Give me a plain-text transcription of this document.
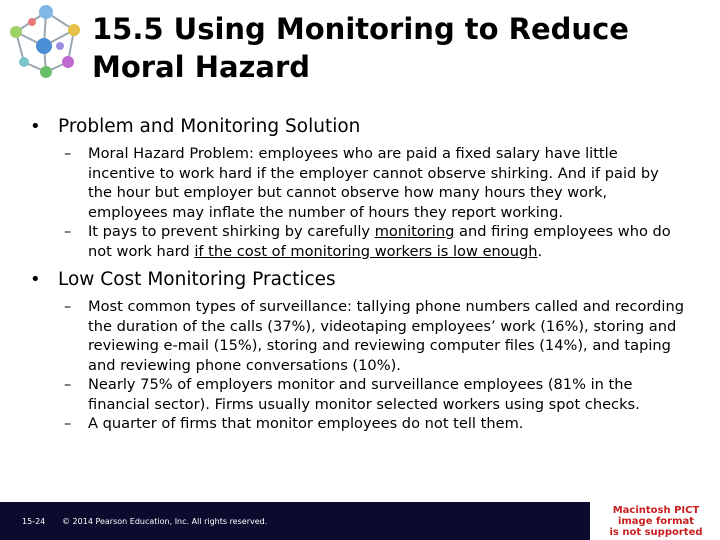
15.5 Using Monitoring to Reduce
Moral Hazard

• Problem and Monitoring Solution

– Moral Hazard Problem: employees who are paid a fixed salary have little incentive to work hard if the employer cannot observe shirking. And if paid by the hour but employer but cannot observe how many hours they work, employees may inflate the number of hours they report working.
– It pays to prevent shirking by carefully monitoring and firing employees who do not work hard if the cost of monitoring workers is low enough.

• Low Cost Monitoring Practices

– Most common types of surveillance: tallying phone numbers called and recording the duration of the calls (37%), videotaping employees’ work (16%), storing and reviewing e-mail (15%), storing and reviewing computer files (14%), and taping and reviewing phone conversations (10%).
– Nearly 75% of employers monitor and surveillance employees (81% in the financial sector). Firms usually monitor selected workers using spot checks.
– A quarter of firms that monitor employees do not tell them.
15-24 © 2014 Pearson Education, Inc. All rights reserved.
Macintosh PICT
image format
is not supported
